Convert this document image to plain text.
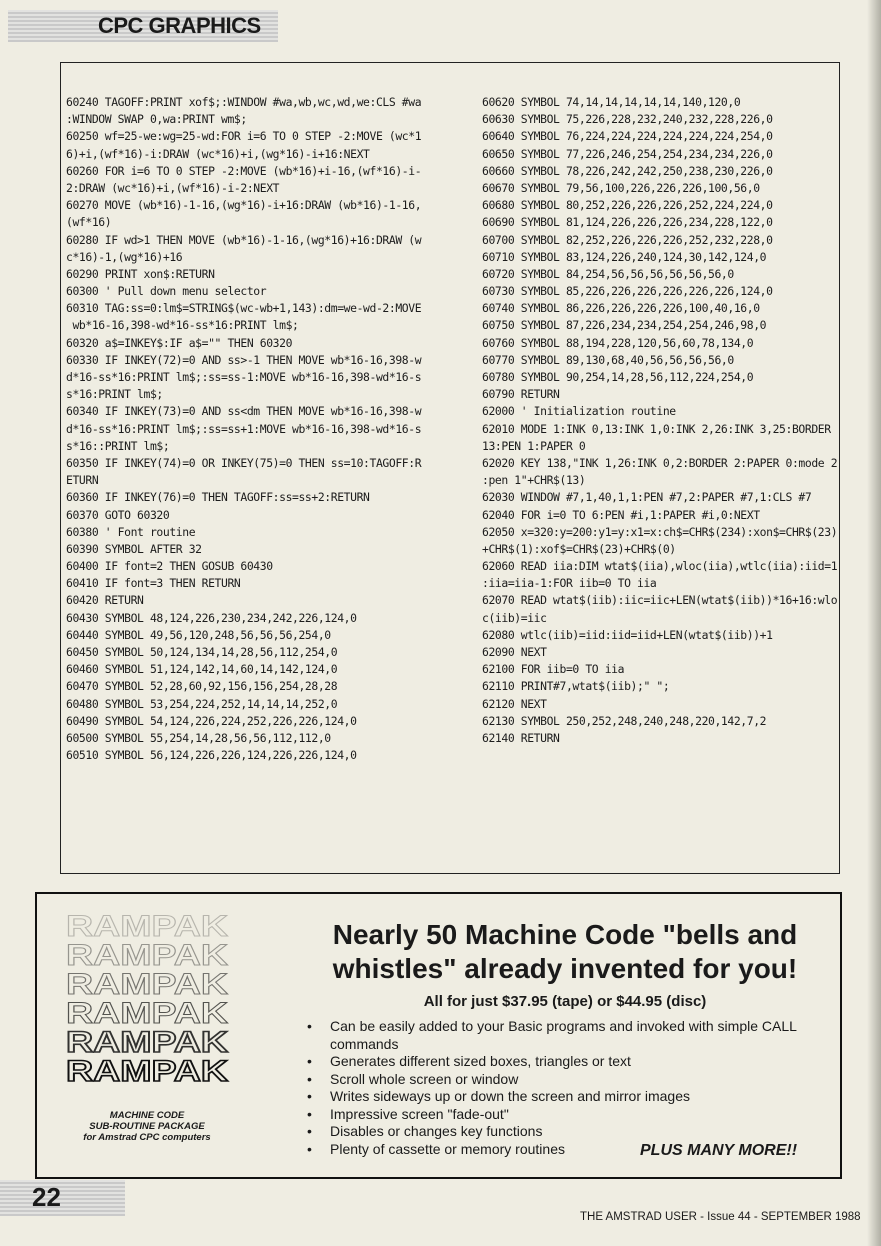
CPC GRAPHICS
60240 TAGOFF:PRINT xof$;:WINDOW #wa,wb,wc,wd,we:CLS #wa
:WINDOW SWAP 0,wa:PRINT wm$;
60250 wf=25-we:wg=25-wd:FOR i=6 TO 0 STEP -2:MOVE (wc*1
6)+i,(wf*16)-i:DRAW (wc*16)+i,(wg*16)-i+16:NEXT
60260 FOR i=6 TO 0 STEP -2:MOVE (wb*16)+i-16,(wf*16)-i-
2:DRAW (wc*16)+i,(wf*16)-i-2:NEXT
60270 MOVE (wb*16)-1-16,(wg*16)-i+16:DRAW (wb*16)-1-16,
(wf*16)
60280 IF wd>1 THEN MOVE (wb*16)-1-16,(wg*16)+16:DRAW (w
c*16)-1,(wg*16)+16
60290 PRINT xon$:RETURN
60300 ' Pull down menu selector
60310 TAG:ss=0:lm$=STRING$(wc-wb+1,143):dm=we-wd-2:MOVE
wb*16-16,398-wd*16-ss*16:PRINT lm$;
60320 a$=INKEY$:IF a$="" THEN 60320
60330 IF INKEY(72)=0 AND ss>-1 THEN MOVE wb*16-16,398-w
d*16-ss*16:PRINT lm$;:ss=ss-1:MOVE wb*16-16,398-wd*16-s
s*16:PRINT lm$;
60340 IF INKEY(73)=0 AND ss<dm THEN MOVE wb*16-16,398-w
d*16-ss*16:PRINT lm$;:ss=ss+1:MOVE wb*16-16,398-wd*16-s
s*16::PRINT lm$;
60350 IF INKEY(74)=0 OR INKEY(75)=0 THEN ss=10:TAGOFF:R
ETURN
60360 IF INKEY(76)=0 THEN TAGOFF:ss=ss+2:RETURN
60370 GOTO 60320
60380 ' Font routine
60390 SYMBOL AFTER 32
60400 IF font=2 THEN GOSUB 60430
60410 IF font=3 THEN RETURN
60420 RETURN
60430 SYMBOL 48,124,226,230,234,242,226,124,0
60440 SYMBOL 49,56,120,248,56,56,56,254,0
60450 SYMBOL 50,124,134,14,28,56,112,254,0
60460 SYMBOL 51,124,142,14,60,14,142,124,0
60470 SYMBOL 52,28,60,92,156,156,254,28,28
60480 SYMBOL 53,254,224,252,14,14,14,252,0
60490 SYMBOL 54,124,226,224,252,226,226,124,0
60500 SYMBOL 55,254,14,28,56,56,112,112,0
60510 SYMBOL 56,124,226,226,124,226,226,124,0
60620 SYMBOL 74,14,14,14,14,14,140,120,0
60630 SYMBOL 75,226,228,232,240,232,228,226,0
60640 SYMBOL 76,224,224,224,224,224,224,254,0
60650 SYMBOL 77,226,246,254,254,234,234,226,0
60660 SYMBOL 78,226,242,242,250,238,230,226,0
60670 SYMBOL 79,56,100,226,226,226,100,56,0
60680 SYMBOL 80,252,226,226,226,252,224,224,0
60690 SYMBOL 81,124,226,226,226,234,228,122,0
60700 SYMBOL 82,252,226,226,226,252,232,228,0
60710 SYMBOL 83,124,226,240,124,30,142,124,0
60720 SYMBOL 84,254,56,56,56,56,56,56,0
60730 SYMBOL 85,226,226,226,226,226,226,124,0
60740 SYMBOL 86,226,226,226,226,100,40,16,0
60750 SYMBOL 87,226,234,234,254,254,246,98,0
60760 SYMBOL 88,194,228,120,56,60,78,134,0
60770 SYMBOL 89,130,68,40,56,56,56,56,0
60780 SYMBOL 90,254,14,28,56,112,224,254,0
60790 RETURN
62000 ' Initialization routine
62010 MODE 1:INK 0,13:INK 1,0:INK 2,26:INK 3,25:BORDER
13:PEN 1:PAPER 0
62020 KEY 138,"INK 1,26:INK 0,2:BORDER 2:PAPER 0:mode 2
:pen 1"+CHR$(13)
62030 WINDOW #7,1,40,1,1:PEN #7,2:PAPER #7,1:CLS #7
62040 FOR i=0 TO 6:PEN #i,1:PAPER #i,0:NEXT
62050 x=320:y=200:y1=y:x1=x:ch$=CHR$(234):xon$=CHR$(23)
+CHR$(1):xof$=CHR$(23)+CHR$(0)
62060 READ iia:DIM wtat$(iia),wloc(iia),wtlc(iia):iid=1
:iia=iia-1:FOR iib=0 TO iia
62070 READ wtat$(iib):iic=iic+LEN(wtat$(iib))*16+16:wlo
c(iib)=iic
62080 wtlc(iib)=iid:iid=iid+LEN(wtat$(iib))+1
62090 NEXT
62100 FOR iib=0 TO iia
62110 PRINT#7,wtat$(iib);" ";
62120 NEXT
62130 SYMBOL 250,252,248,240,248,220,142,7,2
62140 RETURN
RAMPAK
RAMPAK
RAMPAK
RAMPAK
RAMPAK
RAMPAK
MACHINE CODE
SUB-ROUTINE PACKAGE
for Amstrad CPC computers
Nearly 50 Machine Code "bells and
whistles" already invented for you!
All for just $37.95 (tape) or $44.95 (disc)
• Can be easily added to your Basic programs and invoked with simple CALL commands
• Generates different sized boxes, triangles or text
• Scroll whole screen or window
• Writes sideways up or down the screen and mirror images
• Impressive screen "fade-out"
• Disables or changes key functions
• Plenty of cassette or memory routines	PLUS MANY MORE!!
22
THE AMSTRAD USER - Issue 44 - SEPTEMBER 1988
